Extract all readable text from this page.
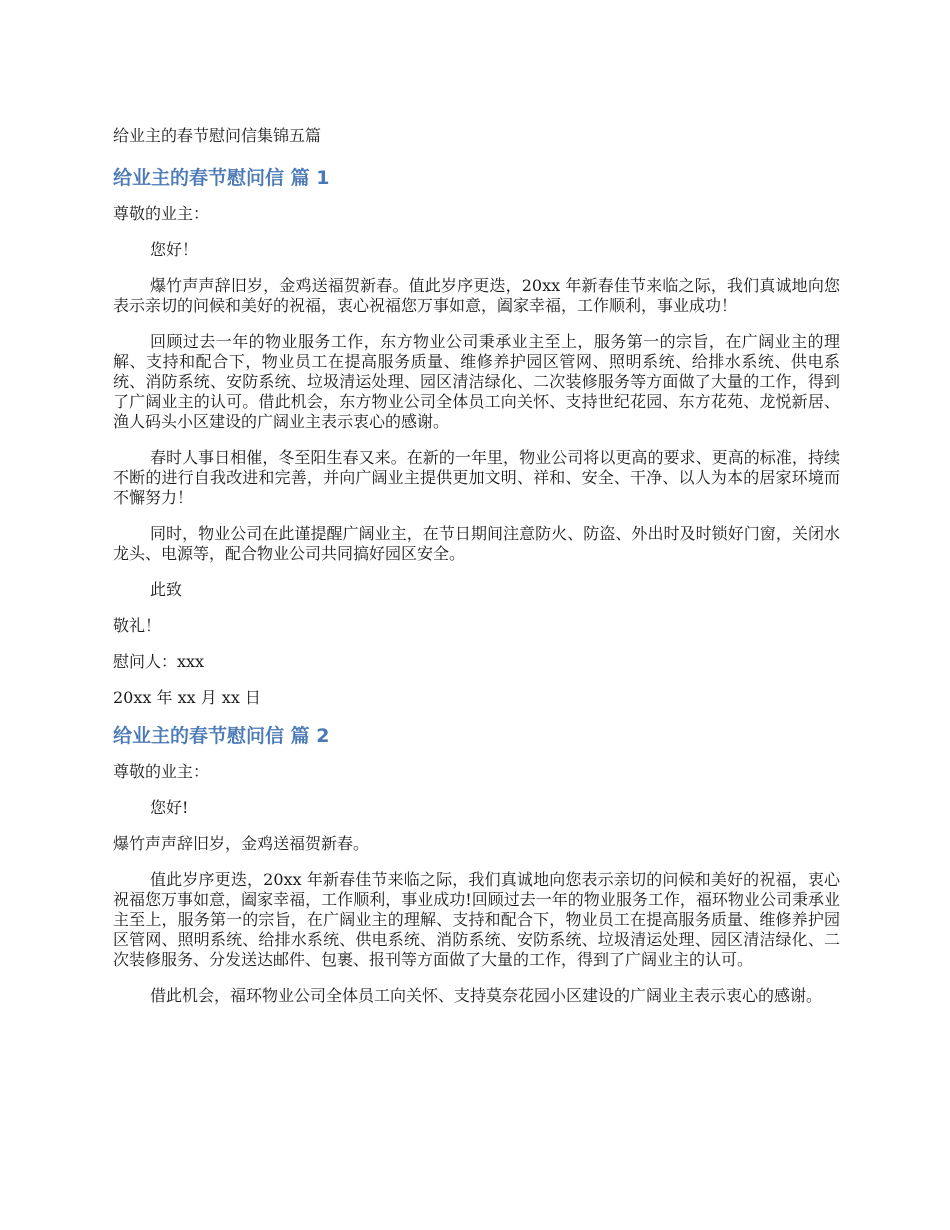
给业主的春节慰问信集锦五篇
给业主的春节慰问信 篇 1

尊敬的业主：

您好！

爆竹声声辞旧岁，金鸡送福贺新春。值此岁序更迭，20xx 年新春佳节来临之际，我们真诚地向您表示亲切的问候和美好的祝福，衷心祝福您万事如意，阖家幸福，工作顺利，事业成功！

回顾过去一年的物业服务工作，东方物业公司秉承业主至上，服务第一的宗旨，在广阔业主的理解、支持和配合下，物业员工在提高服务质量、维修养护园区管网、照明系统、给排水系统、供电系统、消防系统、安防系统、垃圾清运处理、园区清洁绿化、二次装修服务等方面做了大量的工作，得到了广阔业主的认可。借此机会，东方物业公司全体员工向关怀、支持世纪花园、东方花苑、龙悦新居、渔人码头小区建设的广阔业主表示衷心的感谢。

春时人事日相催，冬至阳生春又来。在新的一年里，物业公司将以更高的要求、更高的标准，持续不断的进行自我改进和完善，并向广阔业主提供更加文明、祥和、安全、干净、以人为本的居家环境而不懈努力！

同时，物业公司在此谨提醒广阔业主，在节日期间注意防火、防盗、外出时及时锁好门窗，关闭水龙头、电源等，配合物业公司共同搞好园区安全。

此致

敬礼！

慰问人：xxx

20xx 年 xx 月 xx 日

给业主的春节慰问信 篇 2

尊敬的业主：

您好!

爆竹声声辞旧岁，金鸡送福贺新春。

值此岁序更迭，20xx 年新春佳节来临之际，我们真诚地向您表示亲切的问候和美好的祝福，衷心祝福您万事如意，阖家幸福，工作顺利，事业成功!回顾过去一年的物业服务工作，福环物业公司秉承业主至上，服务第一的宗旨，在广阔业主的理解、支持和配合下，物业员工在提高服务质量、维修养护园区管网、照明系统、给排水系统、供电系统、消防系统、安防系统、垃圾清运处理、园区清洁绿化、二次装修服务、分发送达邮件、包裹、报刊等方面做了大量的工作，得到了广阔业主的认可。

借此机会，福环物业公司全体员工向关怀、支持莫奈花园小区建设的广阔业主表示衷心的感谢。
